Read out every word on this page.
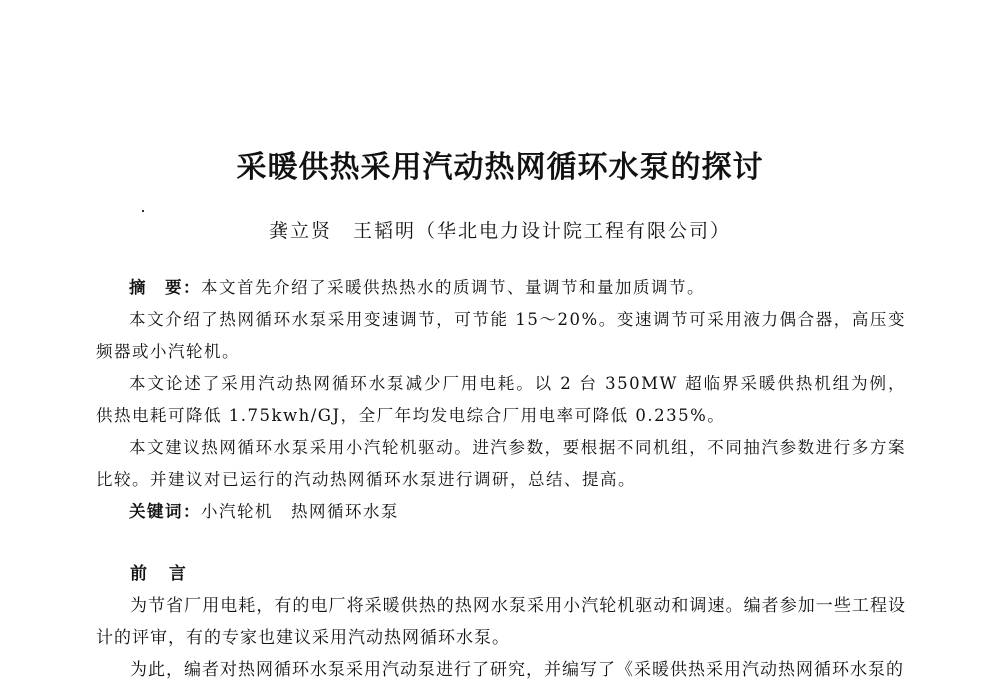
采暖供热采用汽动热网循环水泵的探讨
龚立贤　王韬明（华北电力设计院工程有限公司）

摘　要：本文首先介绍了采暖供热热水的质调节、量调节和量加质调节。

本文介绍了热网循环水泵采用变速调节，可节能 15～20%。变速调节可采用液力偶合器，高压变频器或小汽轮机。

本文论述了采用汽动热网循环水泵减少厂用电耗。以 2 台 350MW 超临界采暖供热机组为例，供热电耗可降低 1.75kwh/GJ，全厂年均发电综合厂用电率可降低 0.235%。

本文建议热网循环水泵采用小汽轮机驱动。进汽参数，要根据不同机组，不同抽汽参数进行多方案比较。并建议对已运行的汽动热网循环水泵进行调研，总结、提高。

关键词：小汽轮机　热网循环水泵

前 言

为节省厂用电耗，有的电厂将采暖供热的热网水泵采用小汽轮机驱动和调速。编者参加一些工程设计的评审，有的专家也建议采用汽动热网循环水泵。

为此，编者对热网循环水泵采用汽动泵进行了研究，并编写了《采暖供热采用汽动热网循环水泵的
